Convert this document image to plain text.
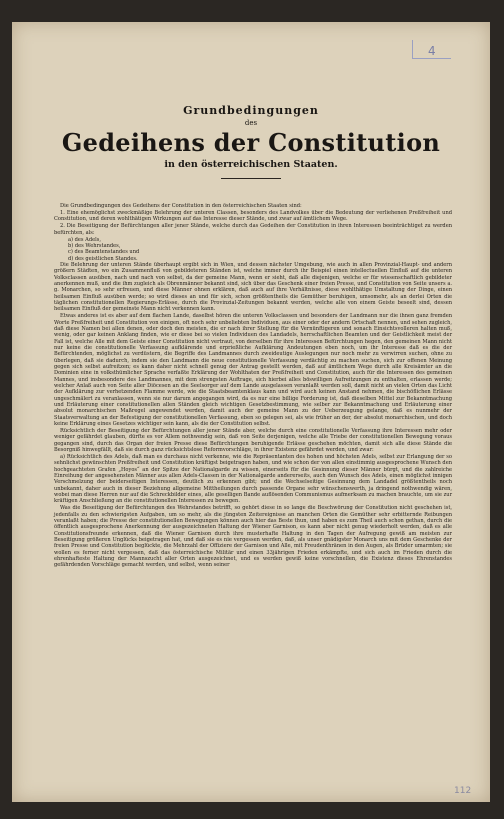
4
Grundbedingungen
des
Gedeihens der Constitution
in den österreichischen Staaten.

Die Grundbedingungen des Gedeihens der Constitution in den österreichischen Staaten sind:

1. Eine ehemöglichst zweckmäßige Belehrung der unteren Classen, besonders des Landvolkes über die Bedeutung der verliehenen Preßfreiheit und Constitution, und deren wohlthätigen Wirkungen auf das Interesse dieser Stände, und zwar auf ämtlichem Wege.

2. Die Beseitigung der Befürchtungen aller jener Stände, welche durch das Gedeihen der Constitution in ihren Interessen beeinträchtiget zu werden befürchten, als:

a) des Adels,
b) des Wehrstandes,
c) des Beamtenstandes und
d) des geistlichen Standes.

Die Belehrung der unteren Stände überhaupt ergibt sich in Wien, und dessen nächster Umgebung, wie auch in allen Provinzial-Haupt- und andern größern Städten, wo ein Zusammenfluß von gebildeteren Ständen ist, welche immer durch ihr Beispiel einen intellectuellen Einfluß auf die unteren Volksclassen ausüben, nach und nach von selbst, da der gemeine Mann, wenn er sieht, daß alle diejenigen, welche er für wissenschaftlich gebildeter anerkennen muß, und die ihm zugleich als Obrenmänner bekannt sind, sich über das Geschenk einer freien Presse, und Constitution von Seite unsers a. g. Monarchen, so sehr erfreuen, und diese Männer ohnen erklären, daß auch auf ihre Verhältnisse, diese wohlthätige Umstaltung der Dinge, einen heilsamen Einfluß ausüben werde; so wird dieses an und für sich, schon größtentheils die Gemüther beruhigen, umsomehr, als an derlei Orten die täglichen constitutionellen Regierungs-Erlässe, durch die Provinzial-Zeitungen bekannt werden, welche alle von einem Geiste beseelt sind, dessen heilsamen Einfluß der gemeinste Mann nicht verkennen kann.

Etwas anderes ist es aber auf dem flachen Lande, daselbst hören die unteren Volksclassen und besonders der Landmann nur die ihnen ganz fremden Worte Preßfreiheit und Constitution von einigen, oft noch sehr unbeliebten Individuen, aus einer oder der andern Ortschaft nennen, und sehen zugleich, daß diese Namen bei allen denen, oder doch den meisten, die er nach ihrer Stellung für die Vernünftigeren und sonach Einsichtsvolleren halten muß, wenig, oder gar keinen Anklang finden, wie er diese bei so vielen Individuen des Landadels, herrschaftlichen Beamten und der Geistlichkeit meist der Fall ist, welche Alle mit dem Geiste einer Constitution nicht vertraut, von derselben für ihre Interessen Befürchtungen hegen, den gemeinen Mann nicht nur keine die constitutionelle Verfassung aufklärende und erprießliche Aufklärung Andeutungen eben noch, um ihr Interesse daß es die der Befürchtenden, möglichst zu verdüstern, die Begriffe des Landmannes durch zweideutige Auslegungen nur noch mehr zu verwirren suchen, ohne zu überlegen, daß sie dadurch, indem sie den Landmann die neue constitutionelle Verfassung verdächtig zu machen suchen, sich zur offenen Meinung gegen sich selbst aufreitzen; es kann daher nicht schnell genug der Antrag gestellt werden, daß auf ämtlichem Wege durch alle Kreisämter an die Dominien eine in volksthümlicher Sprache verfaßte Erklärung der Wohlthaten der Preßfreiheit und Constitution, auch für die Interessen des gemeinen Mannes, und insbesondere des Landmannes, mit dem strengsten Auftrage, sich hierbei alles böswilligen Aufreitzungen zu enthalten, erlassen werde; welcher Anlaß auch von Seite aller Diöcesen an die Seelsorger auf dem Lande ausgelassen veranlaßt werden soll, damit nicht an vielen Orten das Licht der Aufklärung zur verhetzenden Flamme werde, wie die Staatsbeamtenklaus kann und wird auch keinen Anstand nehmen, die bischöflichen Erlässe ungeschmälert zu veranlassen, wenn sie nur darum angegangen wird, da es nur eine billige Forderung ist, daß dieselben Mittel zur Bekanntmachung und Erläuterung einer constitutionellen allen Ständen gleich wichtigen Gesetzbestimmung, wie selber zur Bekanntmachung und Erläuterung einer absolut monarchischen Maßregel angewendet werden, damit auch der gemeine Mann zu der Ueberzeugung gelange, daß es nunmehr der Staatsverwaltung an der Befestigung der constitutionellen Verfassung, eben so gelegen sei, als wie früher an der, der absolut monarchischen, und doch keine Erklärung eines Gesetzes wichtiger sein kann, als die der Constitution selbst.

Rücksichtlich der Beseitigung der Befürchtungen aller jener Stände aber, welche durch eine constitutionelle Verfassung ihre Interessen mehr oder weniger gefährdet glauben, dürfte es vor Allem nothwendig sein, daß von Seite derjenigen, welche alle Triebe der constitutionellen Bewegung voraus gegangen sind, durch das Organ der freien Presse diese Befürchtungen beruhigende Erlässe geschehen möchten, damit sich alle diese Stände die Besorgniß hinwegfällt, daß sie durch ganz rücksichtslose Reformvorschläge, in ihrer Existenz gefährdet werden, und zwar:

a) Rücksichtlich des Adels, daß man es durchaus nicht verkenne, wie die Repräsentanten des hohen und höchsten Adels, selbst zur Erlangung der so sehnlichst gewünschten Preßfreiheit und Constitution kräftigst beigetragen haben, und wie schon der von allen einstimmig ausgesprochene Wunsch den hochgeachteten Grafen „Hoyos“ an der Spitze der Nationalgarde zu wissen, einerseits für die Gesinnung dieser Männer bürgt, und die zahlreiche Einreihung der angesehensten Männer aus allen Adels-Classen in der Nationalgarde andererseits, auch den Wunsch des Adels, einen möglichst innigen Verschmelzung der beiderseitigen Interessen, deutlich zu erkennen gibt; und die Wechselseitige Gesinnung dem Landadel größtentheils noch unbekannt, daher auch in dieser Beziehung allgemeine Mittheilungen durch passende Organe sehr wünschenswerth, ja dringend nothwendig wären, wobei man diese Herren nur auf die Schreckbilder eines, alle geselligen Bande auflösenden Communismus aufmerksam zu machen brauchte, um sie zur kräftigen Anschließung an die constitutionellen Interessen zu bewegen.

Was die Beseitigung der Befürchtungen des Wehrstandes betrifft, so gehört diese in so lange die Beschwörung der Constitution nicht geschehen ist, jedenfalls zu den schwierigsten Aufgaben, um so mehr, als die jüngsten Zeitereignisse an manchen Orten die Gemüther sehr erbitternde Reibungen veranlaßt haben; die Presse der constitutionellen Bewegungen können auch hier das Beste thun, und haben es zum Theil auch schon gethan, durch die öffentlich ausgesprochene Anerkennung der ausgezeichneten Haltung der Wiener Garnison, es kann aber nicht genug wiederholt werden, daß es alle Constitutionsfreunde erkennen, daß die Wiener Garnison durch ihre musterhafte Haltung in den Tagen der Aufregung gewiß am meisten zur Beseitigung größeren Unglücks beigetragen hat, und daß sie es nie vergessen werden, daß, als unser gnädigster Monarch uns mit dem Geschenke der freien Presse und Constitution beglückte, die Mehrzahl der Offiziere der Garnison und Alle, mit Freudenthränen in den Augen, als Brüder umarmten; sie wollen es ferner nicht vergessen, daß das österreichische Militär und einen 33jährigen Frieden erkämpfte, und sich auch im Frieden durch die ehrenhafteste Haltung der Mannszucht aller Orten ausgezeichnet, und es werden gewiß keine vorschnellen, die Existenz dieses Ehrenstandes gefährdenden Vorschläge gemacht werden, und selbst, wenn seiner

112
